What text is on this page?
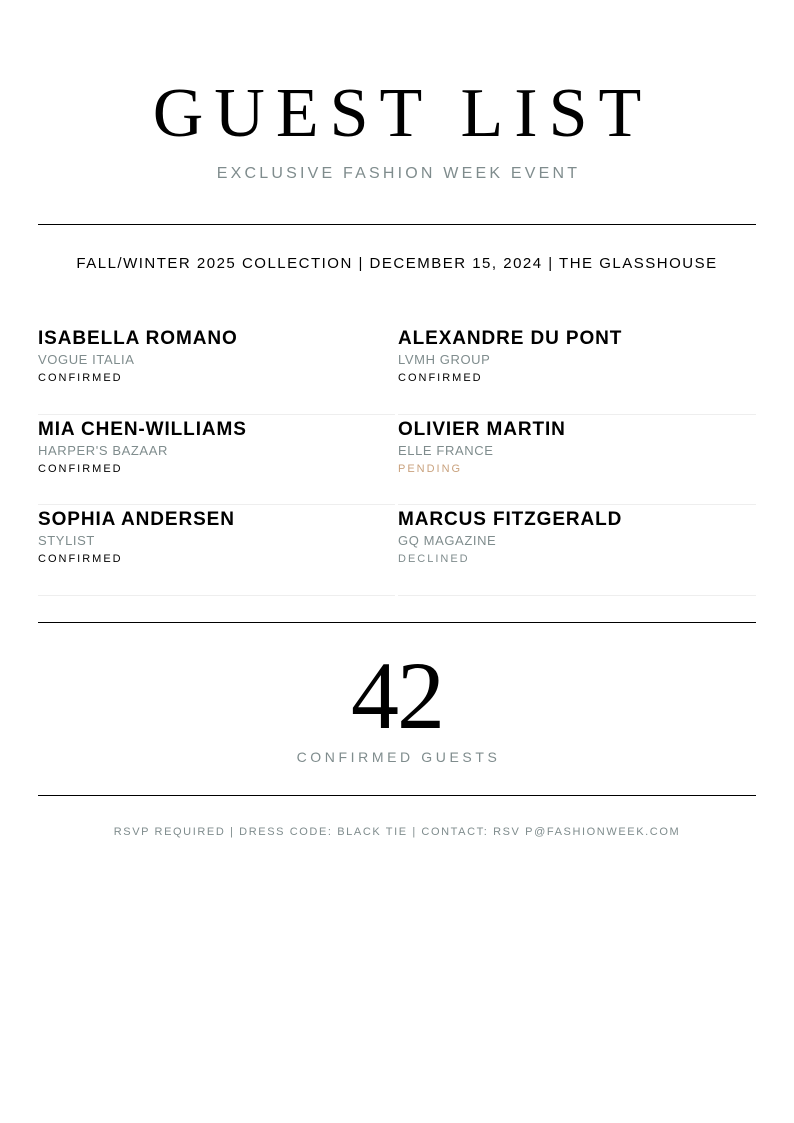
GUEST LIST
EXCLUSIVE FASHION WEEK EVENT
FALL/WINTER 2025 COLLECTION | DECEMBER 15, 2024 | THE GLASSHOUSE
ISABELLA ROMANO
VOGUE ITALIA
CONFIRMED
ALEXANDRE DU PONT
LVMH GROUP
CONFIRMED
MIA CHEN-WILLIAMS
HARPER'S BAZAAR
CONFIRMED
OLIVIER MARTIN
ELLE FRANCE
PENDING
SOPHIA ANDERSEN
STYLIST
CONFIRMED
MARCUS FITZGERALD
GQ MAGAZINE
DECLINED
42
CONFIRMED GUESTS
RSVP REQUIRED | DRESS CODE: BLACK TIE | CONTACT: RSV P@FASHIONWEEK.COM
